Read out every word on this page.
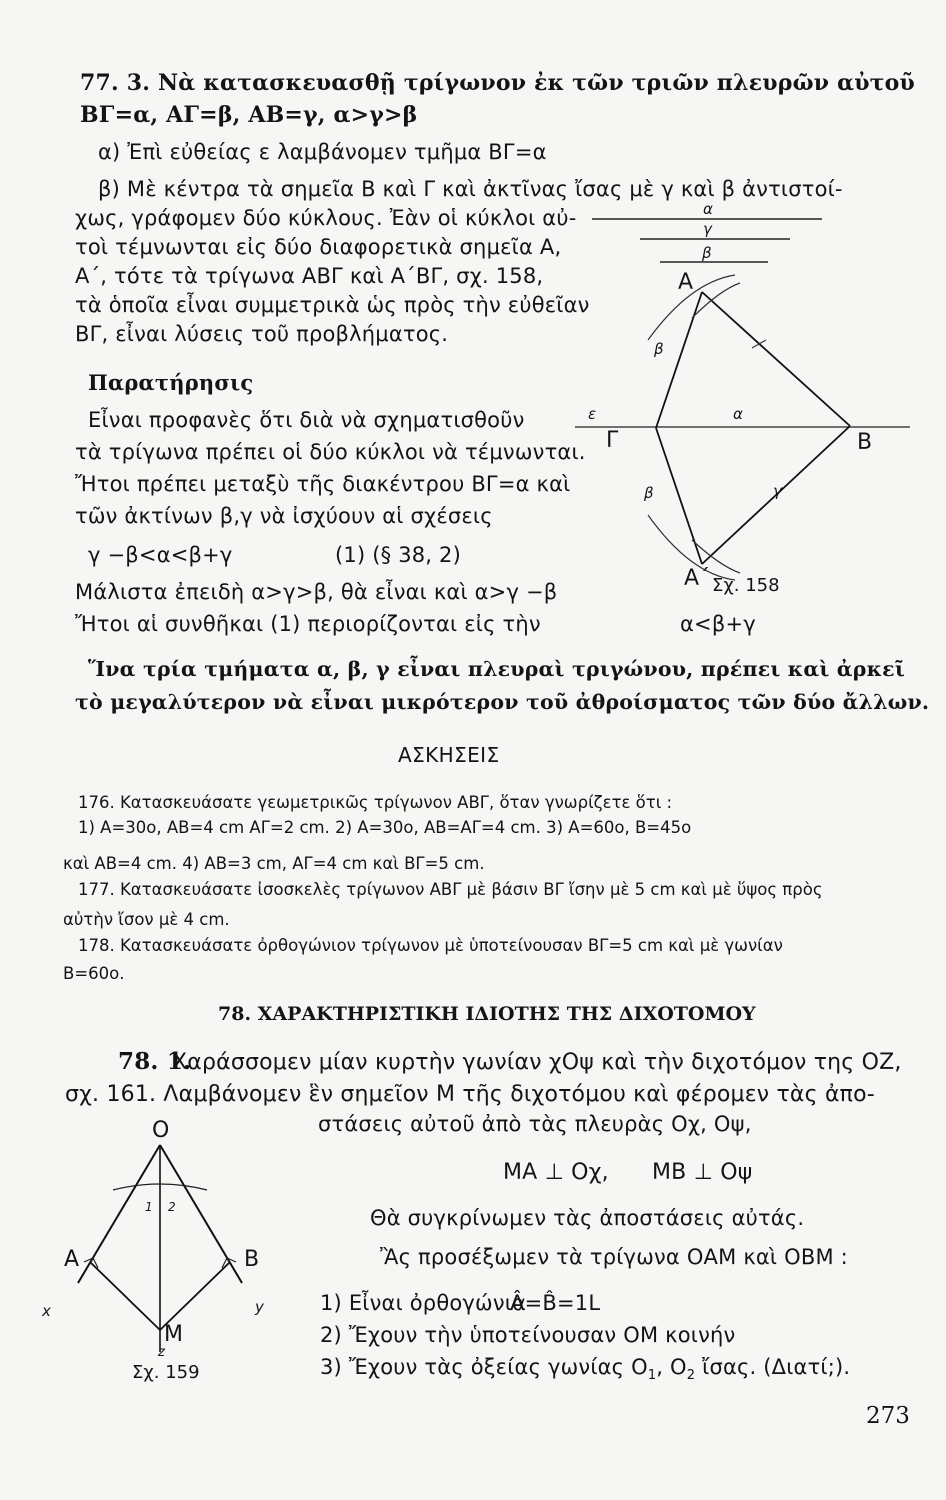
77. 3. Νὰ κατασκευασθῇ τρίγωνον ἐκ τῶν τριῶν πλευρῶν αὐτοῦ
ΒΓ=α, ΑΓ=β, ΑΒ=γ, α>γ>β
α) Ἐπὶ εὐθείας ε λαμβάνομεν τμῆμα ΒΓ=α
β) Μὲ κέντρα τὰ σημεῖα Β καὶ Γ καὶ ἀκτῖνας ἴσας μὲ γ καὶ β ἀντιστοί-
χως, γράφομεν δύο κύκλους. Ἐὰν οἱ κύκλοι αὐ-
τοὶ τέμνωνται εἰς δύο διαφορετικὰ σημεῖα Α,
Α΄, τότε τὰ τρίγωνα ΑΒΓ καὶ Α΄ΒΓ, σχ. 158,
τὰ ὁποῖα εἶναι συμμετρικὰ ὡς πρὸς τὴν εὐθεῖαν
ΒΓ, εἶναι λύσεις τοῦ προβλήματος.
Παρατήρησις
Εἶναι προφανὲς ὅτι διὰ νὰ σχηματισθοῦν
τὰ τρίγωνα πρέπει οἱ δύο κύκλοι νὰ τέμνωνται.
Ἤτοι πρέπει μεταξὺ τῆς διακέντρου ΒΓ=α καὶ
τῶν ἀκτίνων β,γ νὰ ἰσχύουν αἱ σχέσεις
γ −β<α<β+γ	(1) (§ 38, 2)
Μάλιστα ἐπειδὴ α>γ>β, θὰ εἶναι καὶ α>γ −β
Ἤτοι αἱ συνθῆκαι (1) περιορίζονται εἰς τὴν	α<β+γ
Ἵνα τρία τμήματα α, β, γ εἶναι πλευραὶ τριγώνου, πρέπει καὶ ἀρκεῖ
τὸ μεγαλύτερον νὰ εἶναι μικρότερον τοῦ ἀθροίσματος τῶν δύο ἄλλων.
α
γ
β
Α
β
ε	α
Γ	Β
β	γ
Α΄ Σχ. 158
ΑΣΚΗΣΕΙΣ
176. Κατασκευάσατε γεωμετρικῶς τρίγωνον ΑΒΓ, ὅταν γνωρίζετε ὅτι :
1) Α=30ο, ΑΒ=4 cm ΑΓ=2 cm. 2) Α=30ο, ΑΒ=ΑΓ=4 cm. 3) Α=60ο, Β=45ο
καὶ ΑΒ=4 cm. 4) ΑΒ=3 cm, ΑΓ=4 cm καὶ ΒΓ=5 cm.
177. Κατασκευάσατε ἰσοσκελὲς τρίγωνον ΑΒΓ μὲ βάσιν ΒΓ ἴσην μὲ 5 cm καὶ μὲ ὕψος πρὸς
αὐτὴν ἴσον μὲ 4 cm.
178. Κατασκευάσατε ὀρθογώνιον τρίγωνον μὲ ὑποτείνουσαν ΒΓ=5 cm καὶ μὲ γωνίαν
Β=60ο.
78. ΧΑΡΑΚΤΗΡΙΣΤΙΚΗ ΙΔΙΟΤΗΣ ΤΗΣ ΔΙΧΟΤΟΜΟΥ
78. 1.
Χαράσσομεν μίαν κυρτὴν γωνίαν χΟψ καὶ τὴν διχοτόμον της ΟΖ,
σχ. 161. Λαμβάνομεν ἓν σημεῖον Μ τῆς διχοτόμου καὶ φέρομεν τὰς ἀπο-
στάσεις αὐτοῦ ἀπὸ τὰς πλευρὰς Οχ, Οψ,
ΜΑ ⊥ Οχ, ΜΒ ⊥ Οψ
Θὰ συγκρίνωμεν τὰς ἀποστάσεις αὐτάς.
Ἂς προσέξωμεν τὰ τρίγωνα ΟΑΜ καὶ ΟΒΜ :
1) Εἶναι ὀρθογώνια
Â=B̂=1L
2) Ἔχουν τὴν ὑποτείνουσαν ΟΜ κοινήν
3) Ἔχουν τὰς ὀξείας γωνίας $O_1$, $O_2$ ἴσας. (Διατί;).
O
1 2
A	B
x	y
M
z
Σχ. 159
273
